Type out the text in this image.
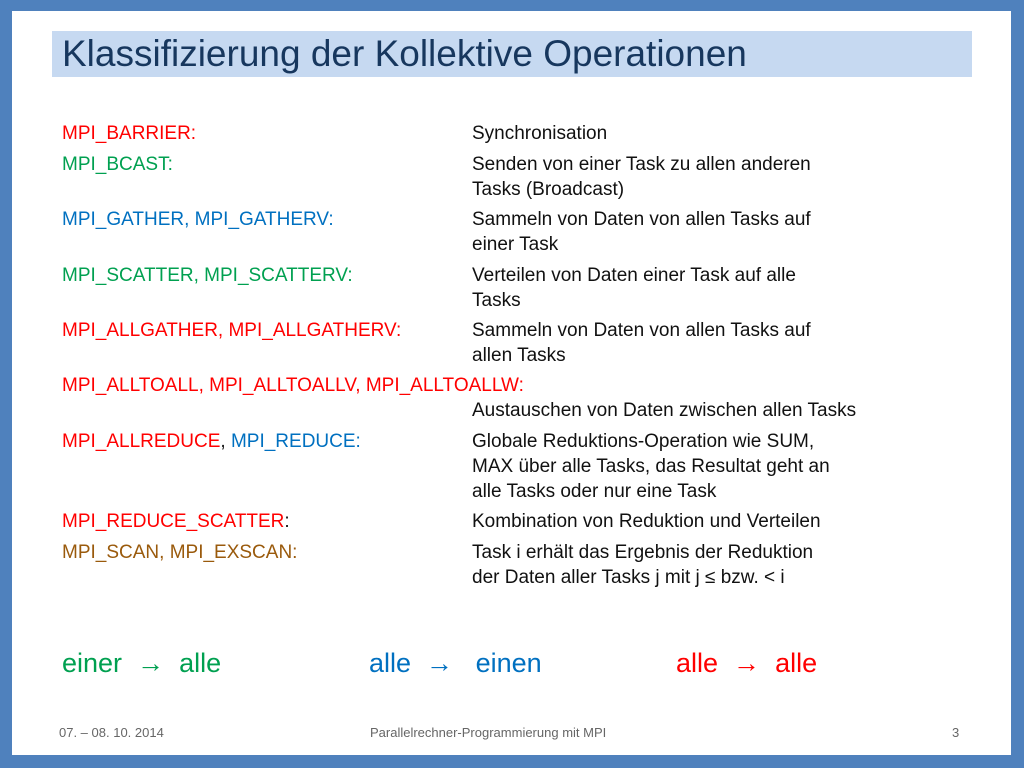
Klassifizierung der Kollektive Operationen
MPI_BARRIER:	Synchronisation
MPI_BCAST:	Senden von einer Task zu allen anderen
Tasks (Broadcast)
MPI_GATHER, MPI_GATHERV:	Sammeln von Daten von allen Tasks auf
einer Task
MPI_SCATTER, MPI_SCATTERV:	Verteilen von Daten einer Task auf alle
Tasks
MPI_ALLGATHER, MPI_ALLGATHERV:	Sammeln von Daten von allen Tasks auf
allen Tasks
MPI_ALLTOALL, MPI_ALLTOALLV, MPI_ALLTOALLW:
Austauschen von Daten zwischen allen Tasks
MPI_ALLREDUCE, MPI_REDUCE:	Globale Reduktions-Operation wie SUM,
MAX über alle Tasks, das Resultat geht an
alle Tasks oder nur eine Task
MPI_REDUCE_SCATTER:	Kombination von Reduktion und Verteilen
MPI_SCAN, MPI_EXSCAN:	Task i erhält das Ergebnis der Reduktion
der Daten aller Tasks j mit j ≤ bzw. < i
einer → alle	alle → einen	alle → alle
07. – 08. 10. 2014	Parallelrechner-Programmierung mit MPI	3
